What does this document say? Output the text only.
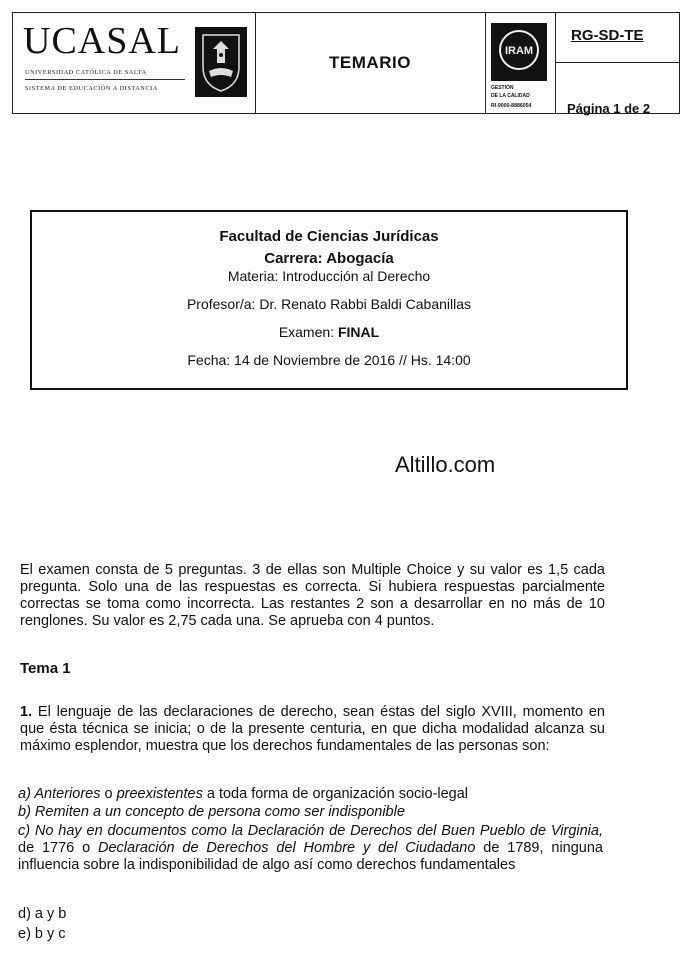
UCASAL
UNIVERSIDAD CATÓLICA DE SALTA
SISTEMA DE EDUCACIÓN A DISTANCIA
TEMARIO
IRAM
GESTIÓN
DE LA CALIDAD
RI-9000-8886054
RG-SD-TE
Página 1 de 2
Facultad de Ciencias Jurídicas
Carrera: Abogacía
Materia: Introducción al Derecho
Profesor/a: Dr. Renato Rabbi Baldi Cabanillas
Examen: FINAL
Fecha: 14 de Noviembre de 2016 // Hs. 14:00
Altillo.com
El examen consta de 5 preguntas. 3 de ellas son Multiple Choice y su valor es 1,5 cada pregunta. Solo una de las respuestas es correcta. Si hubiera respuestas parcialmente correctas se toma como incorrecta. Las restantes 2 son a desarrollar en no más de 10 renglones. Su valor es 2,75 cada una. Se aprueba con 4 puntos.
Tema 1
1. El lenguaje de las declaraciones de derecho, sean éstas del siglo XVIII, momento en que ésta técnica se inicia; o de la presente centuria, en que dicha modalidad alcanza su máximo esplendor, muestra que los derechos fundamentales de las personas son:
a) Anteriores o preexistentes a toda forma de organización socio-legal
b) Remiten a un concepto de persona como ser indisponible
c) No hay en documentos como la Declaración de Derechos del Buen Pueblo de Virginia, de 1776 o Declaración de Derechos del Hombre y del Ciudadano de 1789, ninguna influencia sobre la indisponibilidad de algo así como derechos fundamentales
d) a y b
e) b y c
